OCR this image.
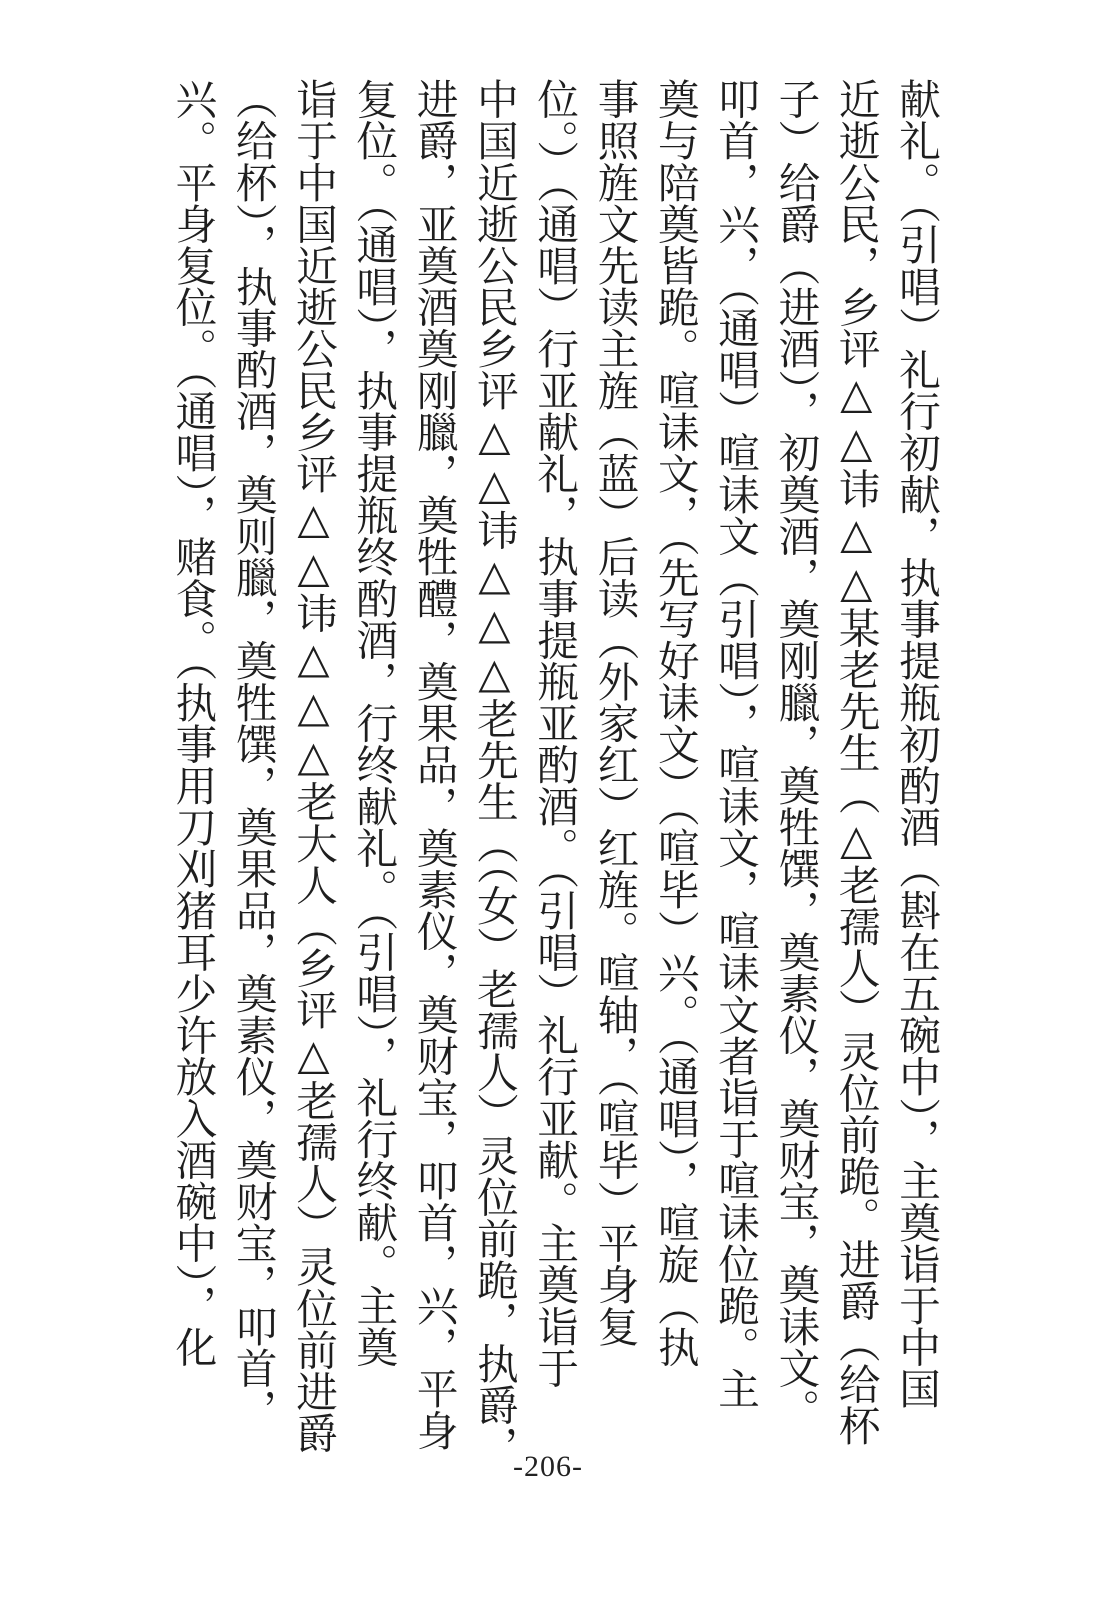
献礼。（引唱）礼行初献，执事提瓶初酌酒（斟在五碗中），主奠诣于中国
近逝公民，乡评△△讳△△某老先生（△老孺人）灵位前跪。进爵（给杯
子）给爵（进酒），初奠酒，奠刚臘，奠牲馔，奠素仪，奠财宝，奠诔文。
叩首，兴，（通唱）喧诔文（引唱），喧诔文，喧诔文者诣于喧诔位跪。主
奠与陪奠皆跪。喧诔文，（先写好诔文）（喧毕）兴。（通唱），喧旋（执
事照旌文先读主旌（蓝）后读（外家红）红旌。喧轴，（喧毕）平身复
位。）（通唱）行亚献礼，执事提瓶亚酌酒。（引唱）礼行亚献。主奠诣于
中国近逝公民乡评△△讳△△△老先生（（女）老孺人）灵位前跪，执爵，
进爵，亚奠酒奠刚臘，奠牲醴，奠果品，奠素仪，奠财宝，叩首，兴，平身
复位。（通唱），执事提瓶终酌酒，行终献礼。（引唱），礼行终献。主奠
诣于中国近逝公民乡评△△讳△△△老大人（乡评△老孺人）灵位前进爵
（给杯），执事酌酒，奠则臘，奠牲馔，奠果品，奠素仪，奠财宝，叩首，
兴。平身复位。（通唱），赌食。（执事用刀刈猪耳少许放入酒碗中），化
-206-
